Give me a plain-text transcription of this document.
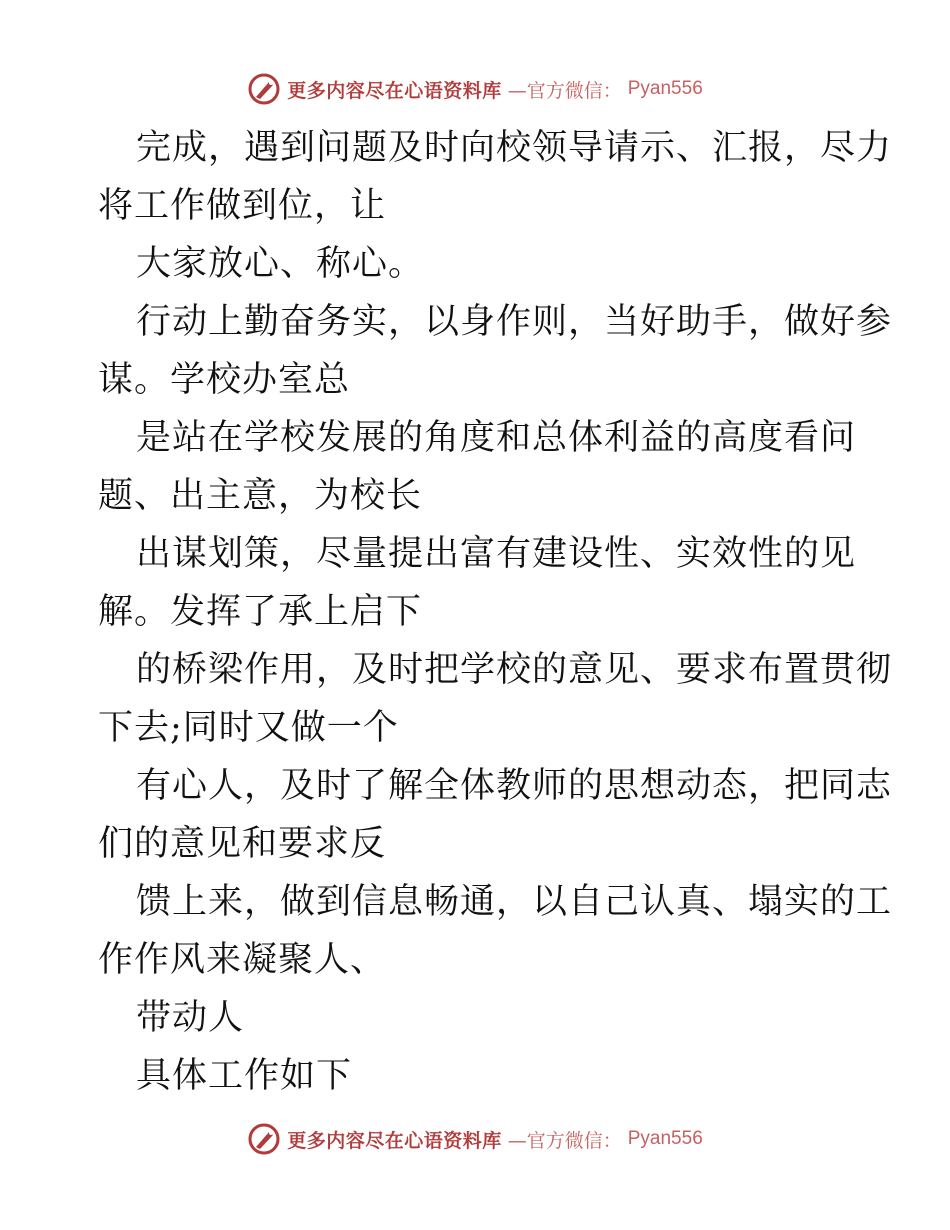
更多内容尽在心语资料库 —官方微信： Pyan556
完成，遇到问题及时向校领导请示、汇报，尽力
将工作做到位，让
大家放心、称心。
行动上勤奋务实，以身作则，当好助手，做好参
谋。学校办室总
是站在学校发展的角度和总体利益的高度看问
题、出主意，为校长
出谋划策，尽量提出富有建设性、实效性的见
解。发挥了承上启下
的桥梁作用，及时把学校的意见、要求布置贯彻
下去;同时又做一个
有心人，及时了解全体教师的思想动态，把同志
们的意见和要求反
馈上来，做到信息畅通，以自己认真、塌实的工
作作风来凝聚人、
带动人
具体工作如下
更多内容尽在心语资料库 —官方微信： Pyan556
